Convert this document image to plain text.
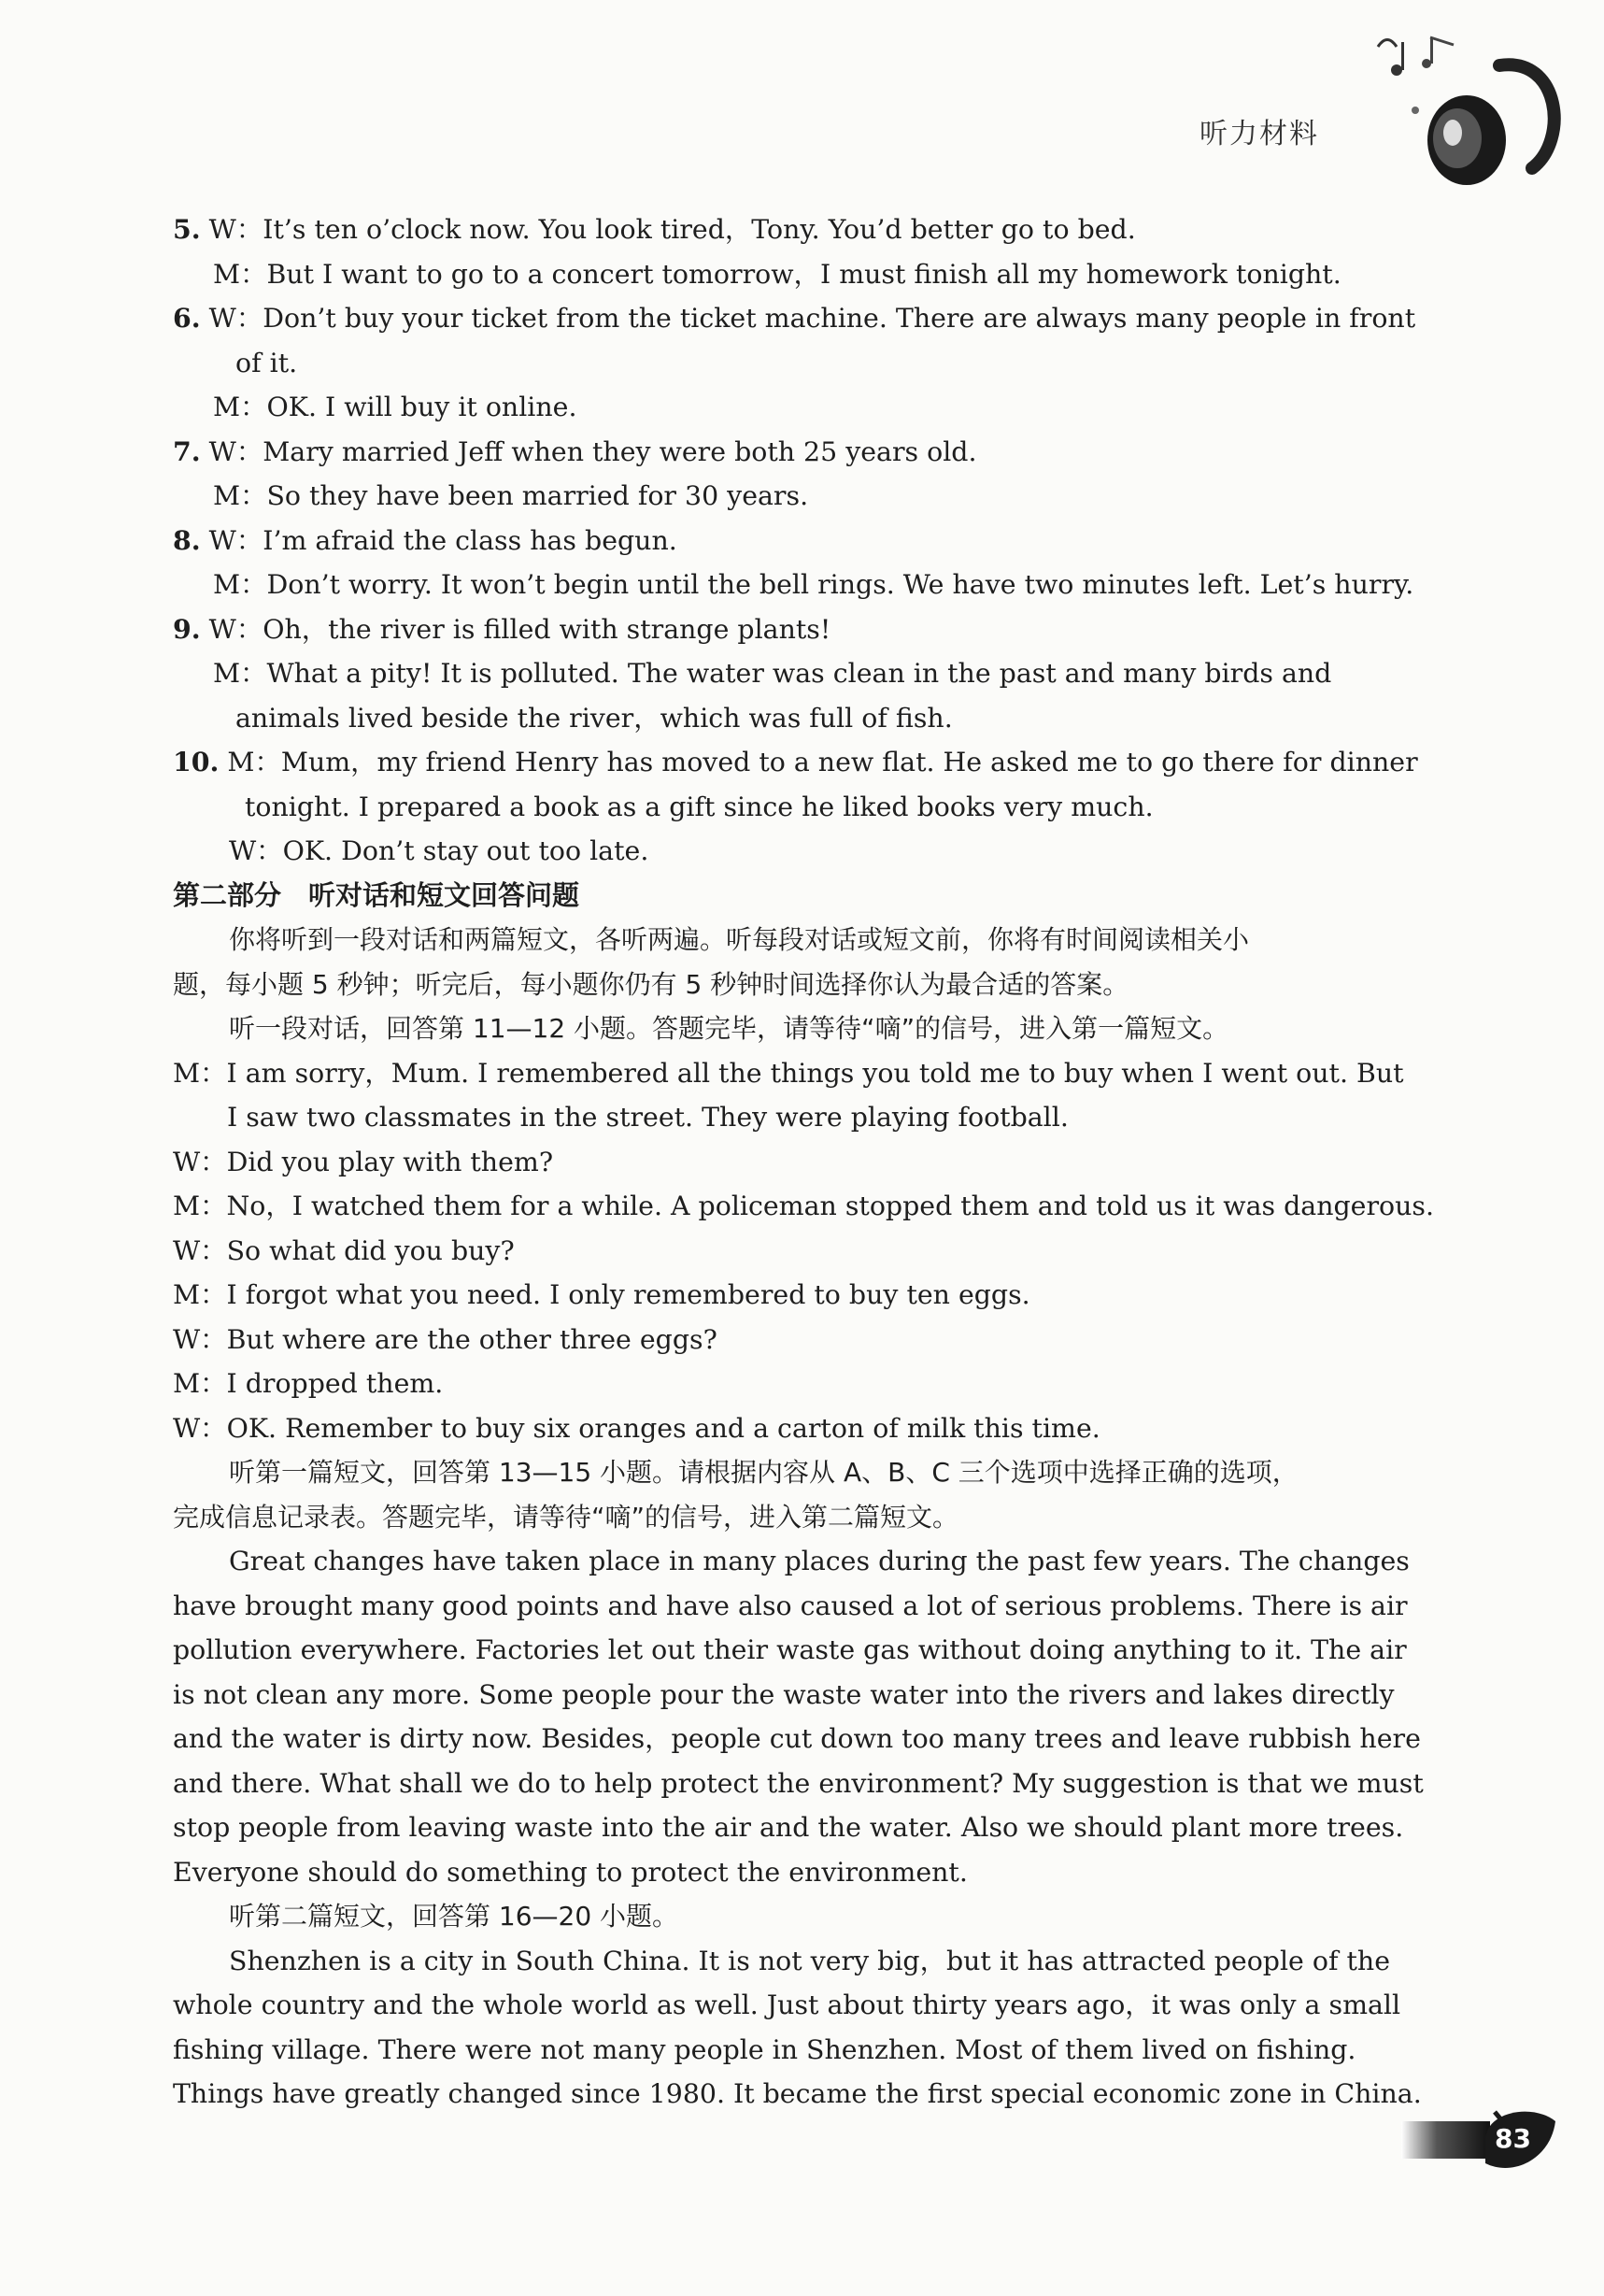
听力材料
5. W：It’s ten o’clock now. You look tired，Tony. You’d better go to bed.
M：But I want to go to a concert tomorrow，I must finish all my homework tonight.
6. W：Don’t buy your ticket from the ticket machine. There are always many people in front
of it.
M：OK. I will buy it online.
7. W：Mary married Jeff when they were both 25 years old.
M：So they have been married for 30 years.
8. W：I’m afraid the class has begun.
M：Don’t worry. It won’t begin until the bell rings. We have two minutes left. Let’s hurry.
9. W：Oh，the river is filled with strange plants!
M：What a pity! It is polluted. The water was clean in the past and many birds and
animals lived beside the river，which was full of fish.
10. M：Mum，my friend Henry has moved to a new flat. He asked me to go there for dinner
tonight. I prepared a book as a gift since he liked books very much.
W：OK. Don’t stay out too late.
第二部分　听对话和短文回答问题
你将听到一段对话和两篇短文，各听两遍。听每段对话或短文前，你将有时间阅读相关小
题，每小题 5 秒钟；听完后，每小题你仍有 5 秒钟时间选择你认为最合适的答案。
听一段对话，回答第 11—12 小题。答题完毕，请等待“嘀”的信号，进入第一篇短文。
M：I am sorry，Mum. I remembered all the things you told me to buy when I went out. But
I saw two classmates in the street. They were playing football.
W：Did you play with them?
M：No，I watched them for a while. A policeman stopped them and told us it was dangerous.
W：So what did you buy?
M：I forgot what you need. I only remembered to buy ten eggs.
W：But where are the other three eggs?
M：I dropped them.
W：OK. Remember to buy six oranges and a carton of milk this time.
听第一篇短文，回答第 13—15 小题。请根据内容从 A、B、C 三个选项中选择正确的选项，
完成信息记录表。答题完毕，请等待“嘀”的信号，进入第二篇短文。
Great changes have taken place in many places during the past few years. The changes
have brought many good points and have also caused a lot of serious problems. There is air
pollution everywhere. Factories let out their waste gas without doing anything to it. The air
is not clean any more. Some people pour the waste water into the rivers and lakes directly
and the water is dirty now. Besides，people cut down too many trees and leave rubbish here
and there. What shall we do to help protect the environment? My suggestion is that we must
stop people from leaving waste into the air and the water. Also we should plant more trees.
Everyone should do something to protect the environment.
听第二篇短文，回答第 16—20 小题。
Shenzhen is a city in South China. It is not very big，but it has attracted people of the
whole country and the whole world as well. Just about thirty years ago，it was only a small
fishing village. There were not many people in Shenzhen. Most of them lived on fishing.
Things have greatly changed since 1980. It became the first special economic zone in China.
83
